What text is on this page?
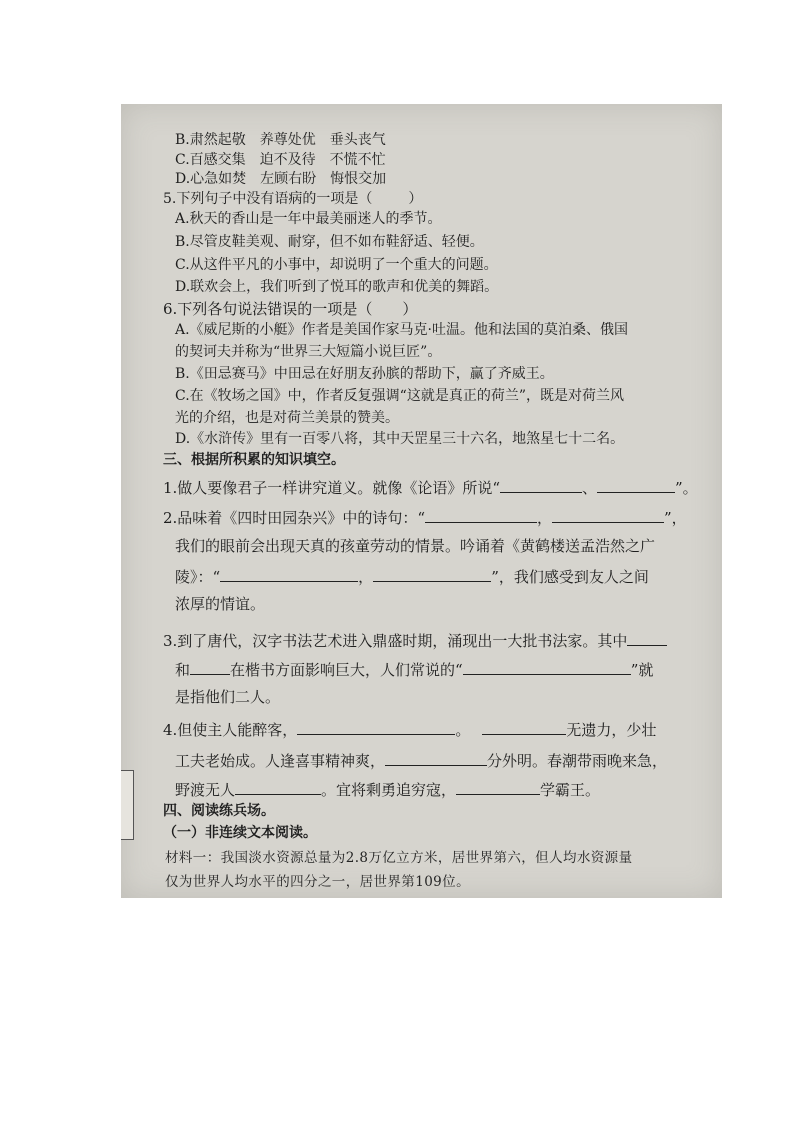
B.肃然起敬　养尊处优　垂头丧气
C.百感交集　迫不及待　不慌不忙
D.心急如焚　左顾右盼　悔恨交加
5.下列句子中没有语病的一项是（	）
A.秋天的香山是一年中最美丽迷人的季节。
B.尽管皮鞋美观、耐穿，但不如布鞋舒适、轻便。
C.从这件平凡的小事中，却说明了一个重大的问题。
D.联欢会上，我们听到了悦耳的歌声和优美的舞蹈。
6.下列各句说法错误的一项是（　　）
A.《威尼斯的小艇》作者是美国作家马克·吐温。他和法国的莫泊桑、俄国
的契诃夫并称为“世界三大短篇小说巨匠”。
B.《田忌赛马》中田忌在好朋友孙膑的帮助下，赢了齐威王。
C.在《牧场之国》中，作者反复强调“这就是真正的荷兰”，既是对荷兰风
光的介绍，也是对荷兰美景的赞美。
D.《水浒传》里有一百零八将，其中天罡星三十六名，地煞星七十二名。
三、根据所积累的知识填空。
1.做人要像君子一样讲究道义。就像《论语》所说“	、	”。
2.品味着《四时田园杂兴》中的诗句：“	，	”，
我们的眼前会出现天真的孩童劳动的情景。吟诵着《黄鹤楼送孟浩然之广
陵》：“	，	”，我们感受到友人之间
浓厚的情谊。
3.到了唐代，汉字书法艺术进入鼎盛时期，涌现出一大批书法家。其中
和	在楷书方面影响巨大，人们常说的“	”就
是指他们二人。
4.但使主人能醉客，	。	无遗力，少壮
工夫老始成。人逢喜事精神爽，	分外明。春潮带雨晚来急，
野渡无人	。宜将剩勇追穷寇，	学霸王。
四、阅读练兵场。
（一）非连续文本阅读。
材料一：我国淡水资源总量为2.8万亿立方米，居世界第六，但人均水资源量
仅为世界人均水平的四分之一，居世界第109位。
